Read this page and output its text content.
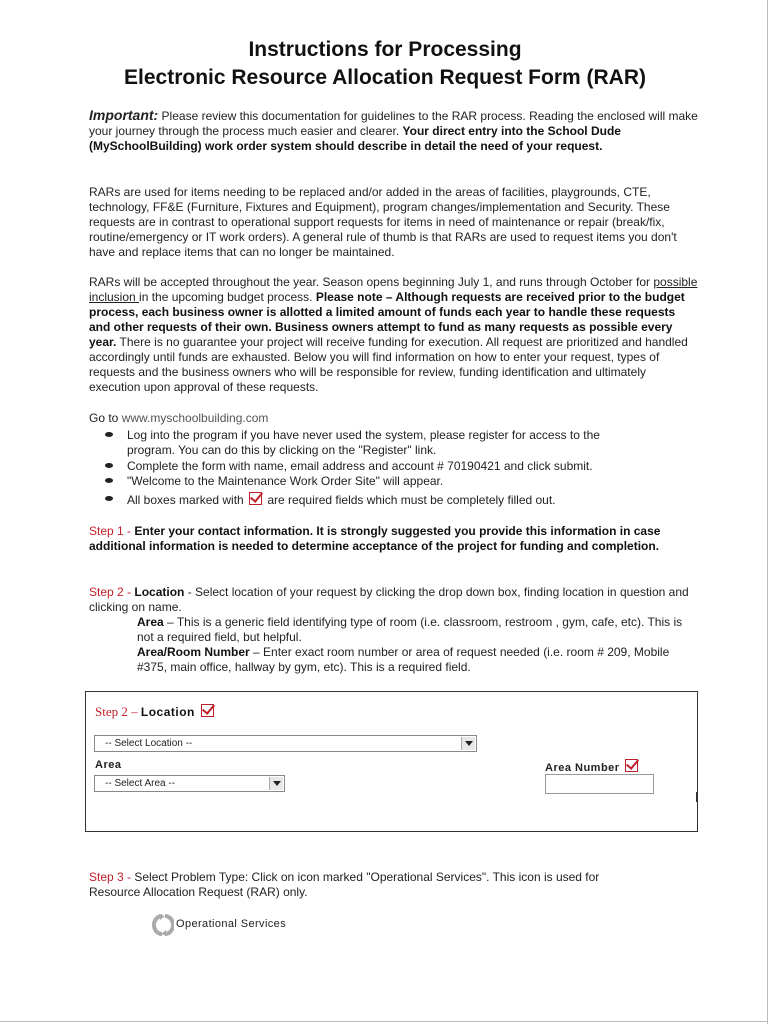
Instructions for Processing
Electronic Resource Allocation Request Form (RAR)
Important: Please review this documentation for guidelines to the RAR process. Reading the enclosed will make your journey through the process much easier and clearer. Your direct entry into the School Dude (MySchoolBuilding) work order system should describe in detail the need of your request.
RARs are used for items needing to be replaced and/or added in the areas of facilities, playgrounds, CTE, technology, FF&E (Furniture, Fixtures and Equipment), program changes/implementation and Security. These requests are in contrast to operational support requests for items in need of maintenance or repair (break/fix, routine/emergency or IT work orders). A general rule of thumb is that RARs are used to request items you don't have and replace items that can no longer be maintained.
RARs will be accepted throughout the year. Season opens beginning July 1, and runs through October for possible inclusion in the upcoming budget process. Please note – Although requests are received prior to the budget process, each business owner is allotted a limited amount of funds each year to handle these requests and other requests of their own. Business owners attempt to fund as many requests as possible every year. There is no guarantee your project will receive funding for execution. All request are prioritized and handled accordingly until funds are exhausted. Below you will find information on how to enter your request, types of requests and the business owners who will be responsible for review, funding identification and ultimately execution upon approval of these requests.
Go to www.myschoolbuilding.com
Log into the program if you have never used the system, please register for access to the program. You can do this by clicking on the "Register" link.
Complete the form with name, email address and account # 70190421 and click submit.
"Welcome to the Maintenance Work Order Site" will appear.
All boxes marked with  are required fields which must be completely filled out.
Step 1 - Enter your contact information. It is strongly suggested you provide this information in case additional information is needed to determine acceptance of the project for funding and completion.
Step 2 - Location - Select location of your request by clicking the drop down box, finding location in question and clicking on name.
Area – This is a generic field identifying type of room (i.e. classroom, restroom , gym, cafe, etc). This is not a required field, but helpful.
Area/Room Number – Enter exact room number or area of request needed (i.e. room # 209, Mobile #375, main office, hallway by gym, etc). This is a required field.
Step 2 – Location
-- Select Location --
Area
-- Select Area --
Area Number
Step 3 - Select Problem Type: Click on icon marked "Operational Services". This icon is used for Resource Allocation Request (RAR) only.
Operational Services
